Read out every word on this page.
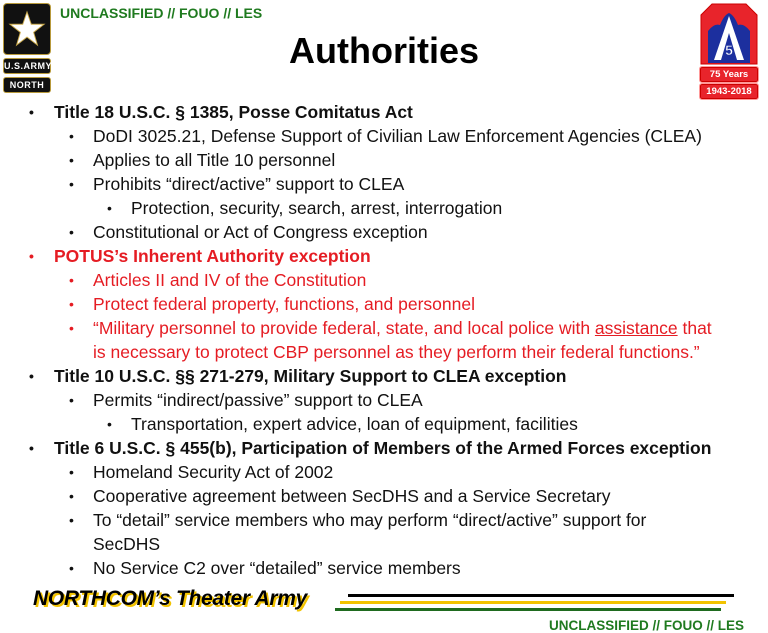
UNCLASSIFIED // FOUO // LES
U.S.ARMY
NORTH
Authorities	5
75 Years
1943-2018
• Title 18 U.S.C. § 1385, Posse Comitatus Act
• DoDI 3025.21, Defense Support of Civilian Law Enforcement Agencies (CLEA)
• Applies to all Title 10 personnel
• Prohibits “direct/active” support to CLEA
• Protection, security, search, arrest, interrogation
• Constitutional or Act of Congress exception
• POTUS’s Inherent Authority exception
• Articles II and IV of the Constitution
• Protect federal property, functions, and personnel
• “Military personnel to provide federal, state, and local police with assistance that
is necessary to protect CBP personnel as they perform their federal functions.”
• Title 10 U.S.C. §§ 271-279, Military Support to CLEA exception
• Permits “indirect/passive” support to CLEA
• Transportation, expert advice, loan of equipment, facilities
• Title 6 U.S.C. § 455(b), Participation of Members of the Armed Forces exception
• Homeland Security Act of 2002
• Cooperative agreement between SecDHS and a Service Secretary
• To “detail” service members who may perform “direct/active” support for
SecDHS
• No Service C2 over “detailed” service members
NORTHCOM’s Theater Army
UNCLASSIFIED // FOUO // LES
